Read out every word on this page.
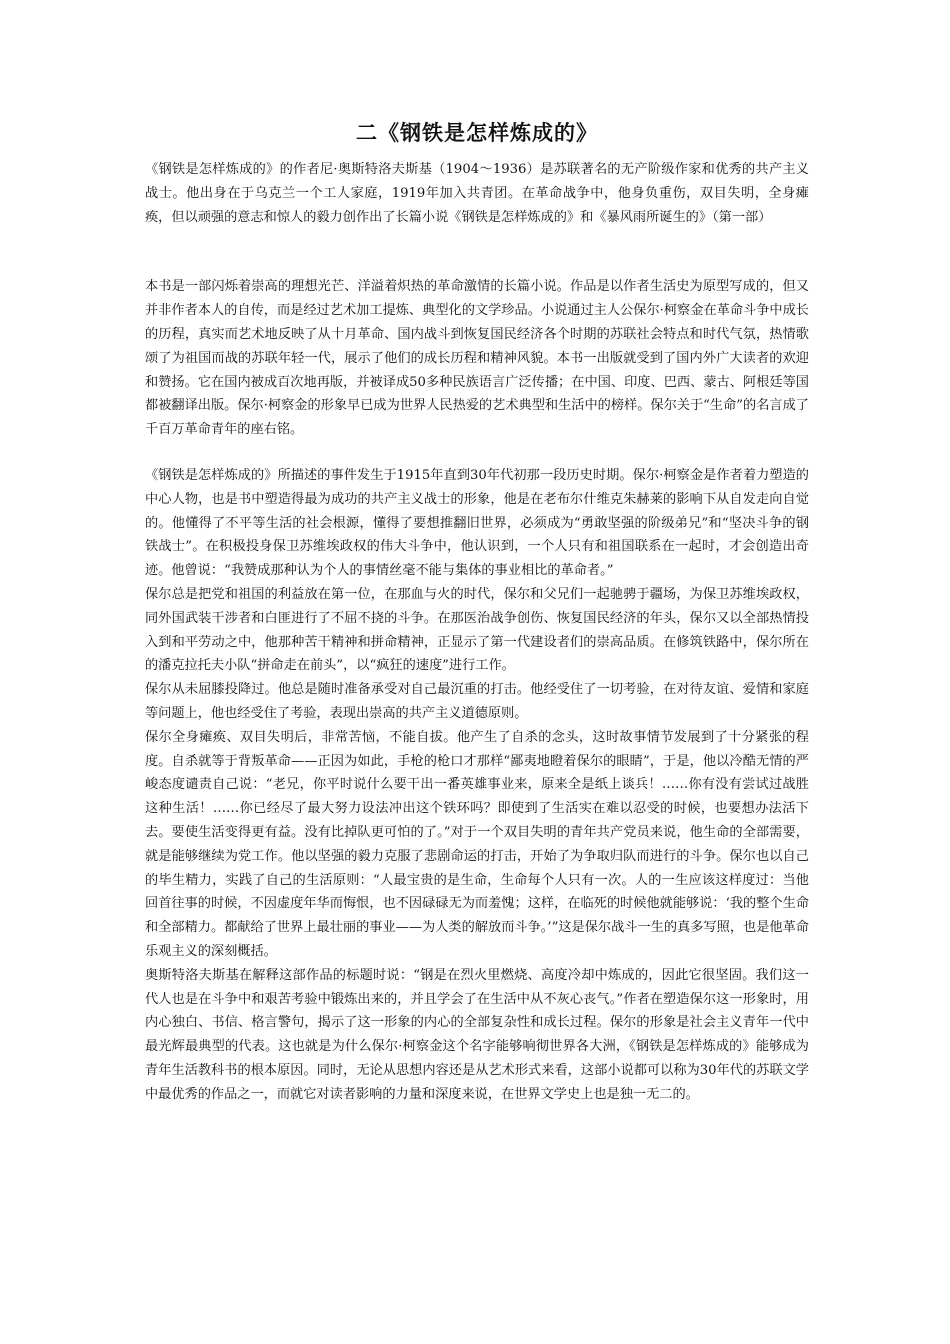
二《钢铁是怎样炼成的》

《钢铁是怎样炼成的》的作者尼·奥斯特洛夫斯基（1904～1936）是苏联著名的无产阶级作家和优秀的共产主义战士。他出身在于乌克兰一个工人家庭，1919年加入共青团。在革命战争中，他身负重伤，双目失明，全身瘫痪，但以顽强的意志和惊人的毅力创作出了长篇小说《钢铁是怎样炼成的》和《暴风雨所诞生的》（第一部）

本书是一部闪烁着崇高的理想光芒、洋溢着炽热的革命激情的长篇小说。作品是以作者生活史为原型写成的，但又并非作者本人的自传，而是经过艺术加工提炼、典型化的文学珍品。小说通过主人公保尔·柯察金在革命斗争中成长的历程，真实而艺术地反映了从十月革命、国内战斗到恢复国民经济各个时期的苏联社会特点和时代气氛，热情歌颂了为祖国而战的苏联年轻一代，展示了他们的成长历程和精神风貌。本书一出版就受到了国内外广大读者的欢迎和赞扬。它在国内被成百次地再版，并被译成50多种民族语言广泛传播；在中国、印度、巴西、蒙古、阿根廷等国都被翻译出版。保尔·柯察金的形象早已成为世界人民热爱的艺术典型和生活中的榜样。保尔关于“生命”的名言成了千百万革命青年的座右铭。

《钢铁是怎样炼成的》所描述的事件发生于1915年直到30年代初那一段历史时期。保尔·柯察金是作者着力塑造的中心人物，也是书中塑造得最为成功的共产主义战士的形象，他是在老布尔什维克朱赫莱的影响下从自发走向自觉的。他懂得了不平等生活的社会根源，懂得了要想推翻旧世界，必须成为“勇敢坚强的阶级弟兄”和“坚决斗争的钢铁战士”。在积极投身保卫苏维埃政权的伟大斗争中，他认识到，一个人只有和祖国联系在一起时，才会创造出奇迹。他曾说：“我赞成那种认为个人的事情丝毫不能与集体的事业相比的革命者。”

保尔总是把党和祖国的利益放在第一位，在那血与火的时代，保尔和父兄们一起驰骋于疆场，为保卫苏维埃政权，同外国武装干涉者和白匪进行了不屈不挠的斗争。在那医治战争创伤、恢复国民经济的年头，保尔又以全部热情投入到和平劳动之中，他那种苦干精神和拼命精神，正显示了第一代建设者们的崇高品质。在修筑铁路中，保尔所在的潘克拉托夫小队“拼命走在前头”，以“疯狂的速度”进行工作。

保尔从未屈膝投降过。他总是随时准备承受对自己最沉重的打击。他经受住了一切考验，在对待友谊、爱情和家庭等问题上，他也经受住了考验，表现出崇高的共产主义道德原则。

保尔全身瘫痪、双目失明后，非常苦恼，不能自拔。他产生了自杀的念头，这时故事情节发展到了十分紧张的程度。自杀就等于背叛革命——正因为如此，手枪的枪口才那样“鄙夷地瞪着保尔的眼睛”，于是，他以冷酷无情的严峻态度谴责自己说：“老兄，你平时说什么要干出一番英雄事业来，原来全是纸上谈兵！……你有没有尝试过战胜这种生活！……你已经尽了最大努力设法冲出这个铁环吗？即使到了生活实在难以忍受的时候，也要想办法活下去。要使生活变得更有益。没有比掉队更可怕的了。”对于一个双目失明的青年共产党员来说，他生命的全部需要，就是能够继续为党工作。他以坚强的毅力克服了悲剧命运的打击，开始了为争取归队而进行的斗争。保尔也以自己的毕生精力，实践了自己的生活原则：“人最宝贵的是生命，生命每个人只有一次。人的一生应该这样度过：当他回首往事的时候，不因虚度年华而悔恨，也不因碌碌无为而羞愧；这样，在临死的时候他就能够说：‘我的整个生命和全部精力。都献给了世界上最壮丽的事业——为人类的解放而斗争。’”这是保尔战斗一生的真多写照，也是他革命乐观主义的深刻概括。

奥斯特洛夫斯基在解释这部作品的标题时说：“钢是在烈火里燃烧、高度冷却中炼成的，因此它很坚固。我们这一代人也是在斗争中和艰苦考验中锻炼出来的，并且学会了在生活中从不灰心丧气。”作者在塑造保尔这一形象时，用内心独白、书信、格言警句，揭示了这一形象的内心的全部复杂性和成长过程。保尔的形象是社会主义青年一代中最光辉最典型的代表。这也就是为什么保尔·柯察金这个名字能够响彻世界各大洲，《钢铁是怎样炼成的》能够成为青年生活教科书的根本原因。同时，无论从思想内容还是从艺术形式来看，这部小说都可以称为30年代的苏联文学中最优秀的作品之一，而就它对读者影响的力量和深度来说，在世界文学史上也是独一无二的。
